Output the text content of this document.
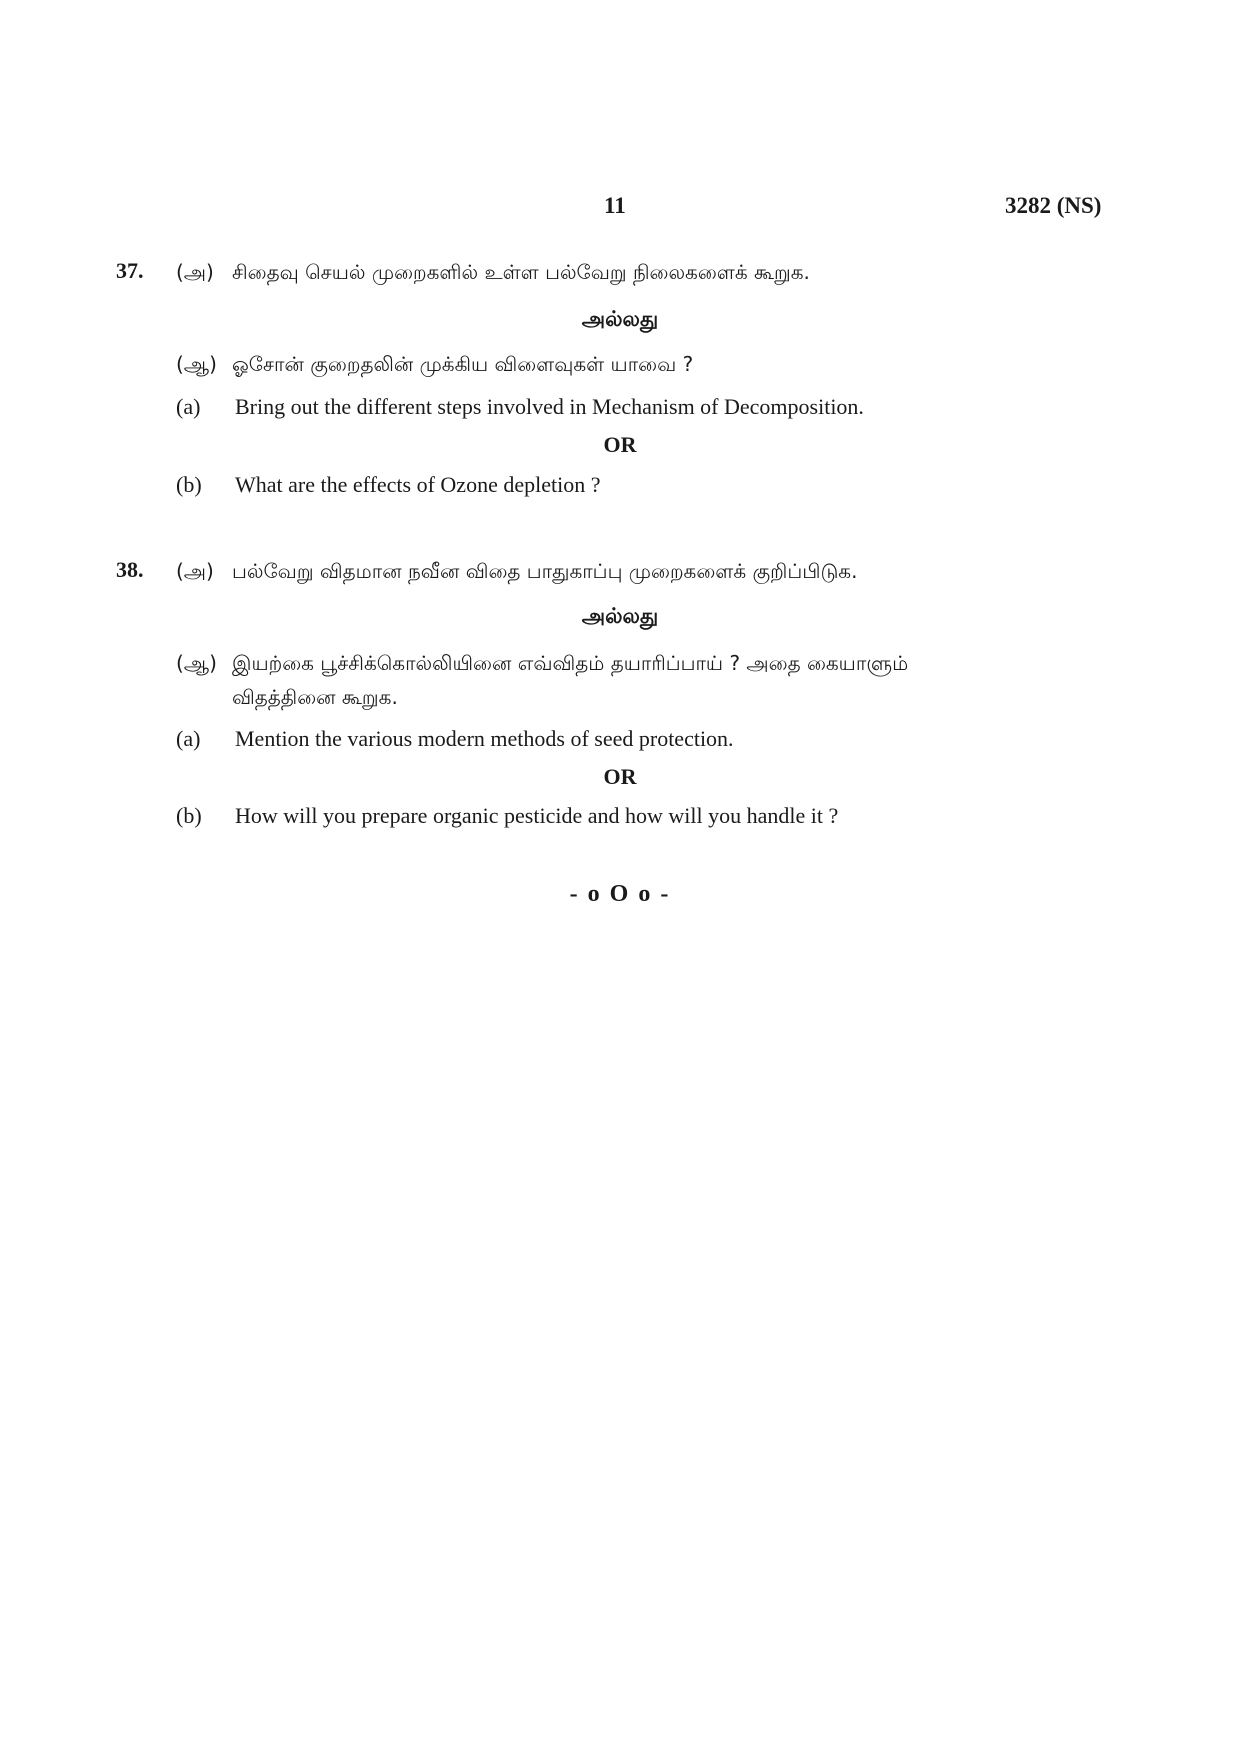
11	3282 (NS)
37. (அ) சிதைவு செயல் முறைகளில் உள்ள பல்வேறு நிலைகளைக் கூறுக.
அல்லது
(ஆ) ஓசோன் குறைதலின் முக்கிய விளைவுகள் யாவை ?
(a) Bring out the different steps involved in Mechanism of Decomposition.
OR
(b) What are the effects of Ozone depletion ?
38. (அ) பல்வேறு விதமான நவீன விதை பாதுகாப்பு முறைகளைக் குறிப்பிடுக.
அல்லது
(ஆ) இயற்கை பூச்சிக்கொல்லியினை எவ்விதம் தயாரிப்பாய் ? அதை கையாளும்
விதத்தினை கூறுக.
(a) Mention the various modern methods of seed protection.
OR
(b) How will you prepare organic pesticide and how will you handle it ?
- o O o -
